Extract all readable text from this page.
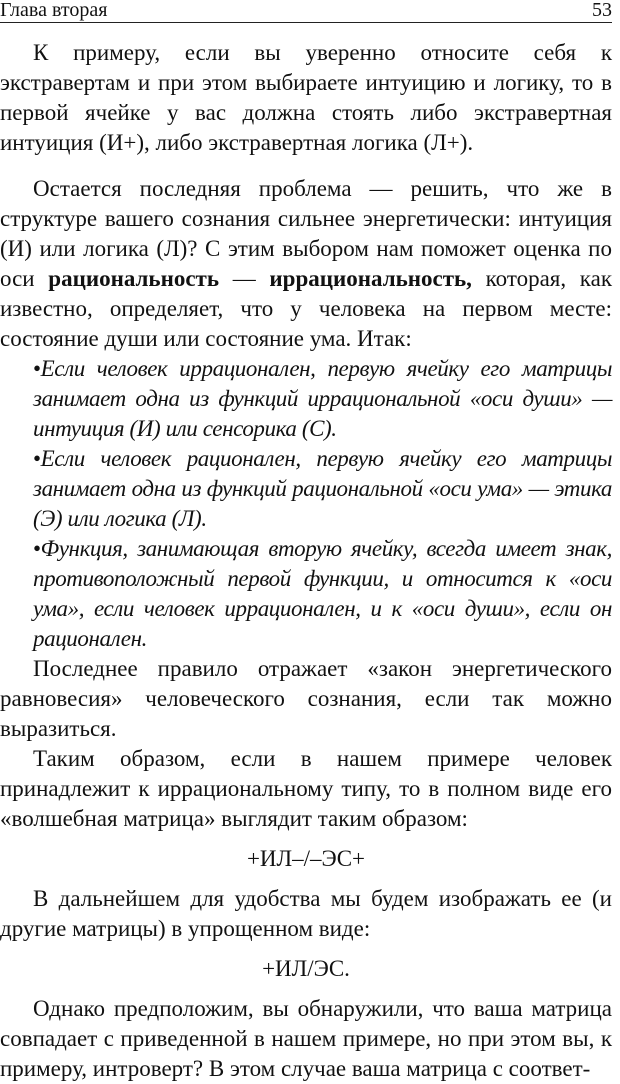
Глава вторая	53

К примеру, если вы уверенно относите себя к экстравертам и при этом выбираете интуицию и логику, то в первой ячейке у вас должна стоять либо экстравертная интуиция (И+), либо экстравертная логика (Л+).

Остается последняя проблема — решить, что же в структуре вашего сознания сильнее энергетически: интуиция (И) или логика (Л)? С этим выбором нам поможет оценка по оси рациональность — иррациональность, которая, как известно, определяет, что у человека на первом месте: состояние души или состояние ума. Итак:

•Если человек иррационален, первую ячейку его матрицы занимает одна из функций иррациональной «оси души» — интуиция (И) или сенсорика (С).

•Если человек рационален, первую ячейку его матрицы занимает одна из функций рациональной «оси ума» — этика (Э) или логика (Л).

•Функция, занимающая вторую ячейку, всегда имеет знак, противоположный первой функции, и относится к «оси ума», если человек иррационален, и к «оси души», если он рационален.

Последнее правило отражает «закон энергетического равновесия» человеческого сознания, если так можно выразиться.

Таким образом, если в нашем примере человек принадлежит к иррациональному типу, то в полном виде его «волшебная матрица» выглядит таким образом:

+ИЛ–/–ЭС+

В дальнейшем для удобства мы будем изображать ее (и другие матрицы) в упрощенном виде:

+ИЛ/ЭС.

Однако предположим, вы обнаружили, что ваша матрица совпадает с приведенной в нашем примере, но при этом вы, к примеру, интроверт? В этом случае ваша матрица с соответ-
